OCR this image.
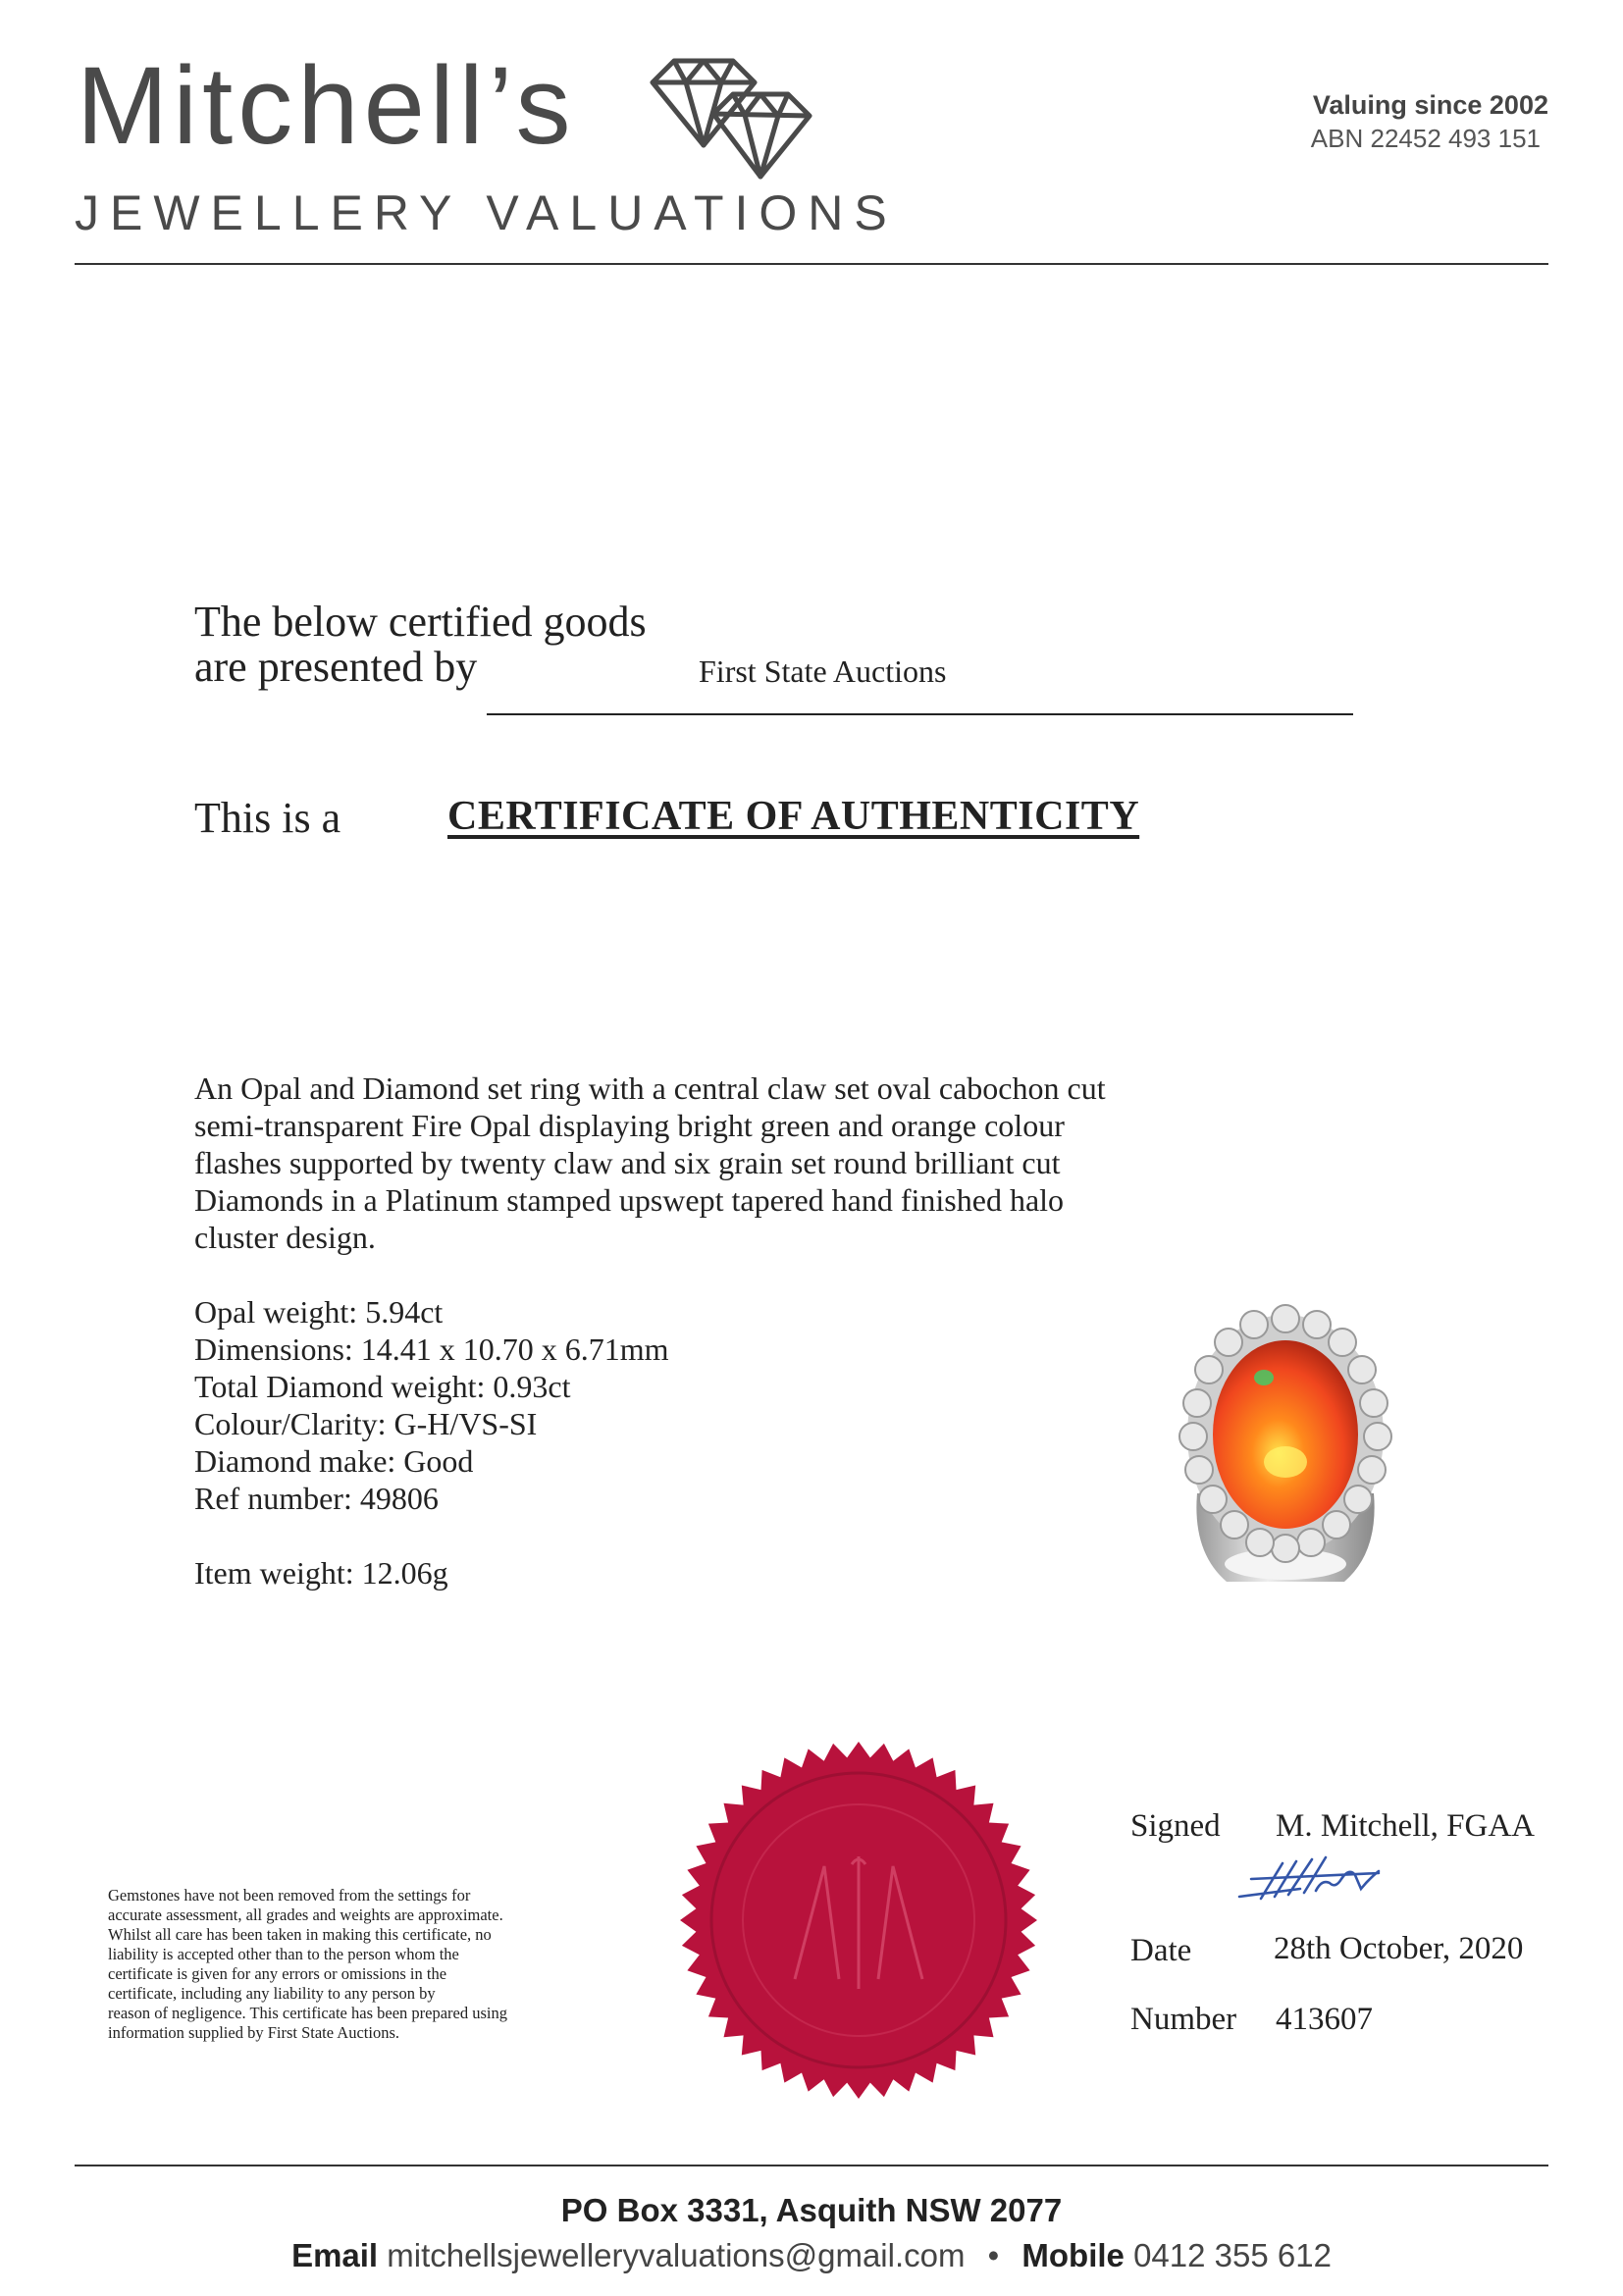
Mitchell’s
JEWELLERY VALUATIONS
Valuing since 2002
ABN 22452 493 151
The below certified goods
are presented by	First State Auctions
This is a	CERTIFICATE OF AUTHENTICITY
An Opal and Diamond set ring with a central claw set oval cabochon cut
semi-transparent Fire Opal displaying bright green and orange colour
flashes supported by twenty claw and six grain set round brilliant cut
Diamonds in a Platinum stamped upswept tapered hand finished halo
cluster design.
Opal weight: 5.94ct
Dimensions: 14.41 x 10.70 x 6.71mm
Total Diamond weight: 0.93ct
Colour/Clarity: G-H/VS-SI
Diamond make: Good
Ref number: 49806
Item weight: 12.06g
Gemstones have not been removed from the settings for
accurate assessment, all grades and weights are approximate.
Whilst all care has been taken in making this certificate, no
liability is accepted other than to the person whom the
certificate is given for any errors or omissions in the
certificate, including any liability to any person by
reason of negligence. This certificate has been prepared using
information supplied by First State Auctions.
Signed M. Mitchell, FGAA
Date	28th October, 2020
Number 413607
PO Box 3331, Asquith NSW 2077
Email mitchellsjewelleryvaluations@gmail.com • Mobile 0412 355 612
